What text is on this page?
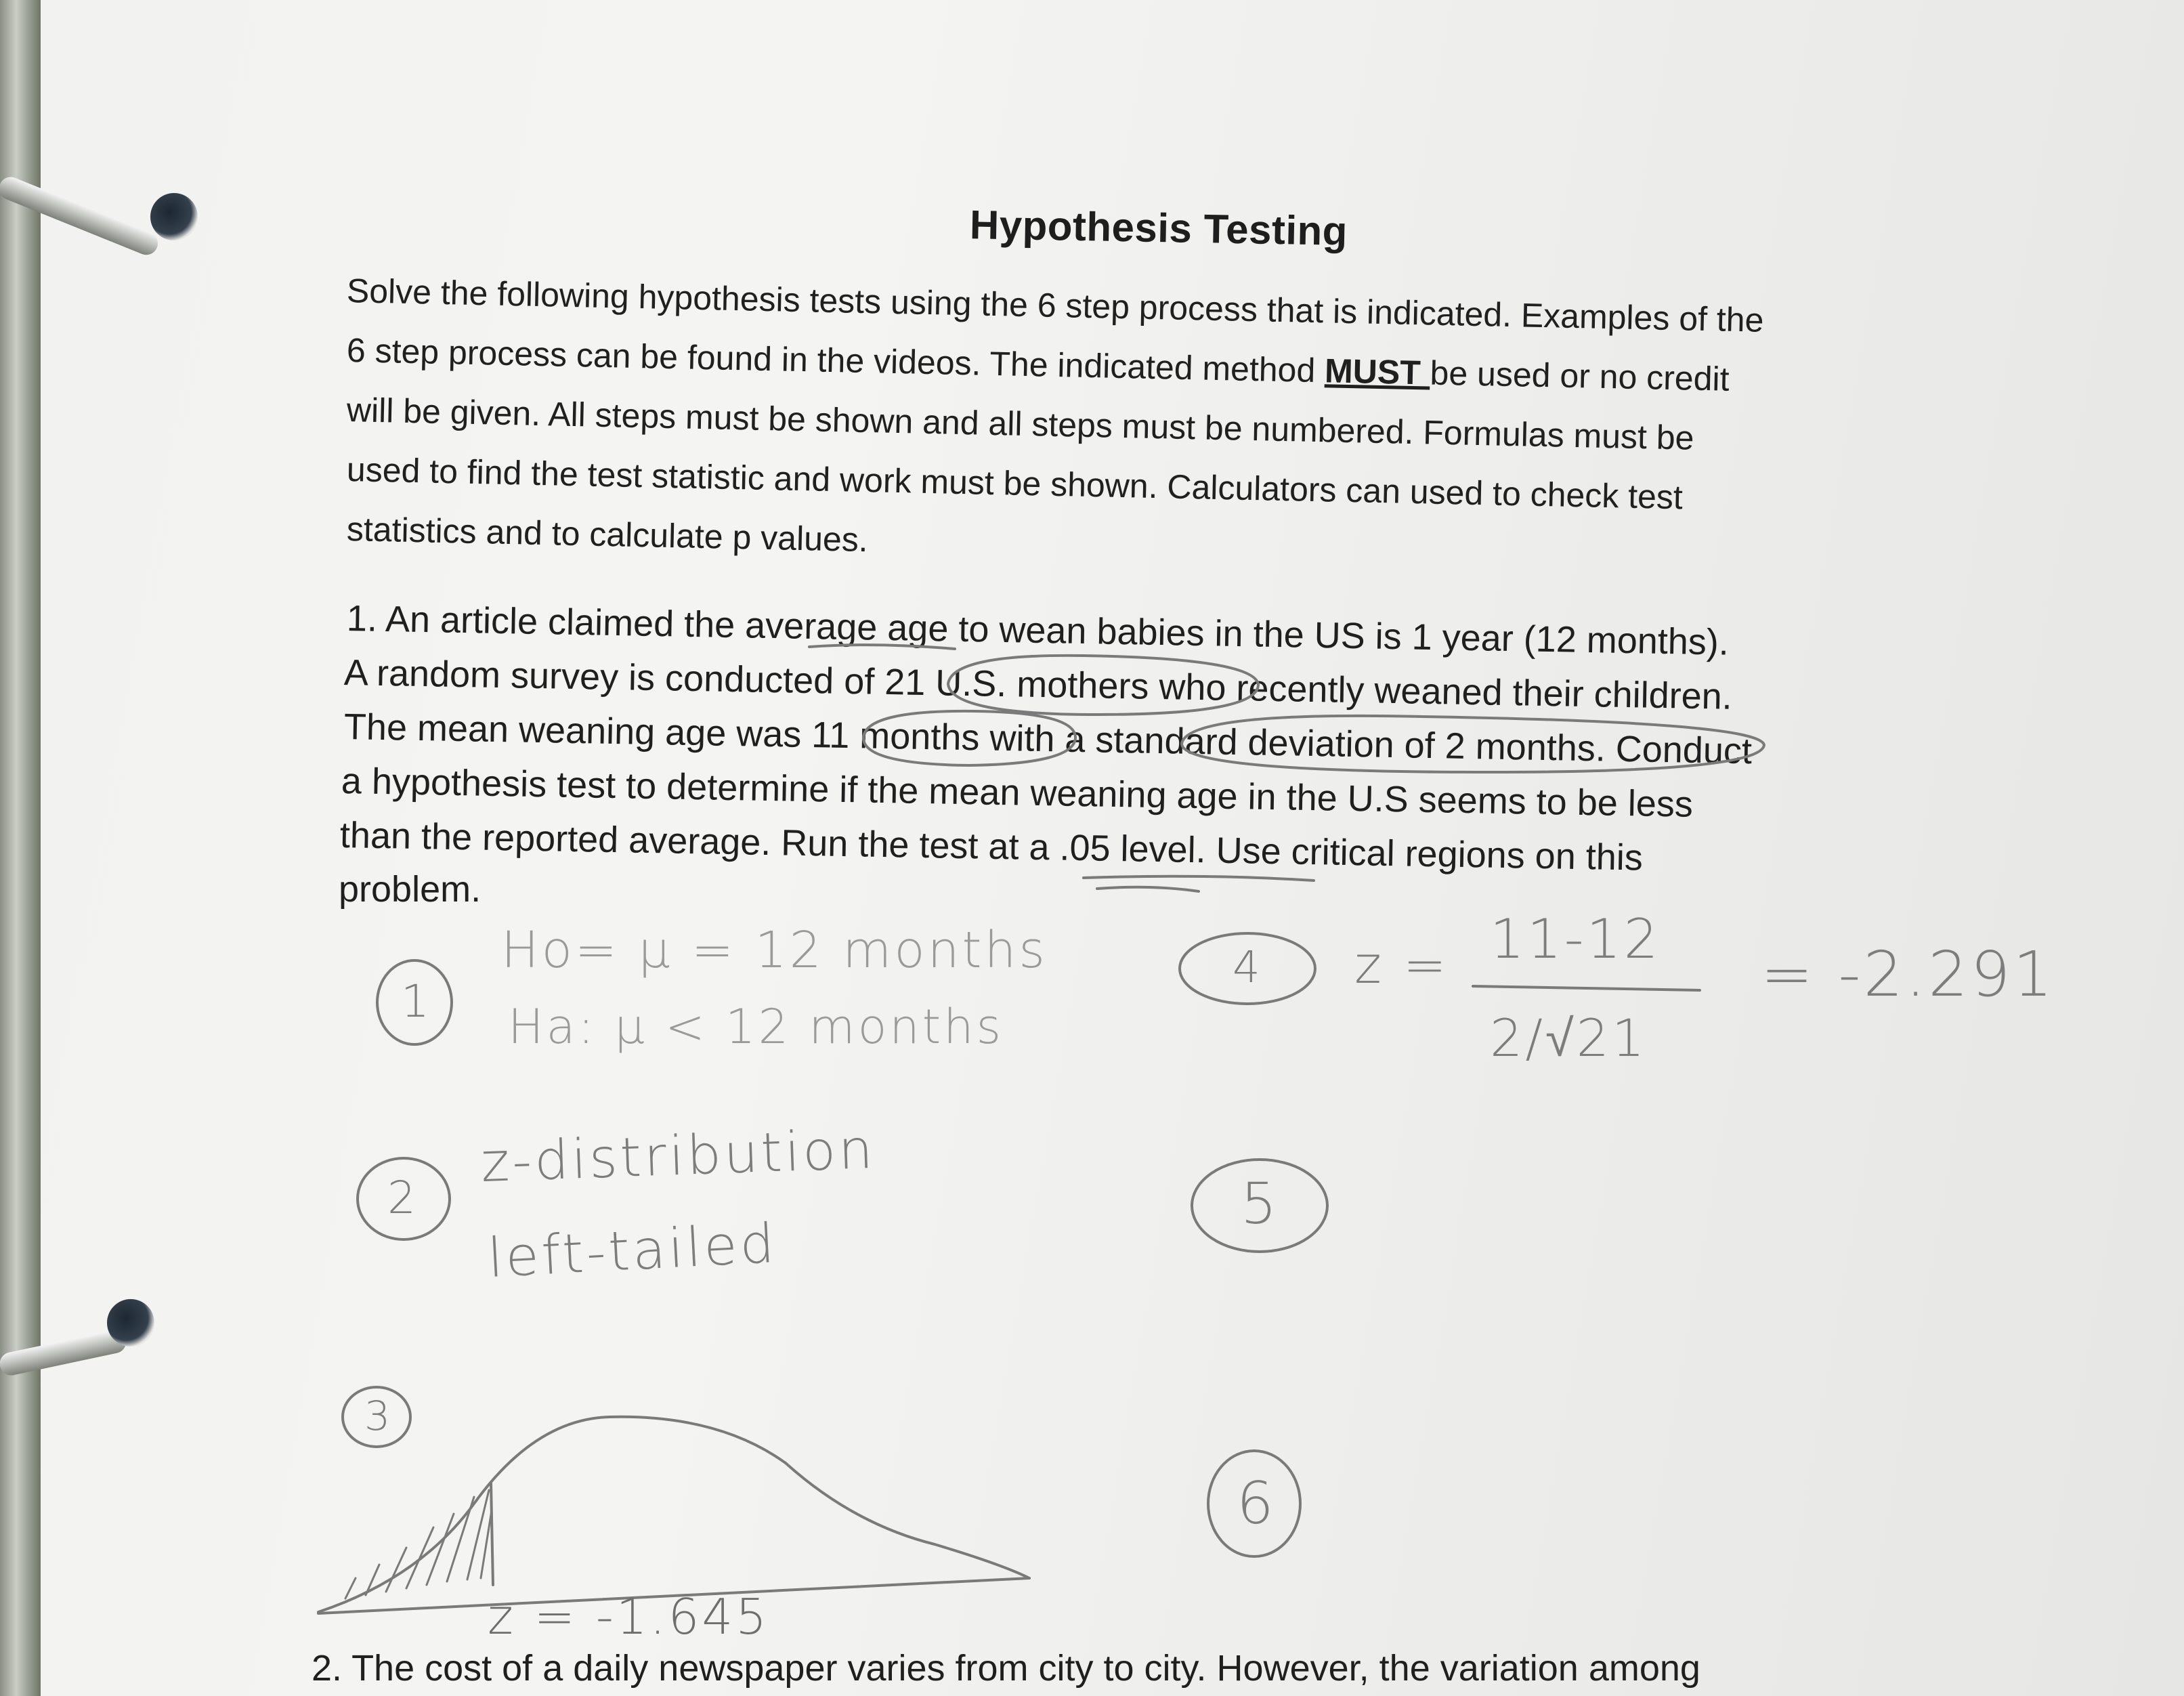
Hypothesis Testing
Solve the following hypothesis tests using the 6 step process that is indicated. Examples of the
6 step process can be found in the videos. The indicated method MUST be used or no credit
will be given. All steps must be shown and all steps must be numbered. Formulas must be
used to find the test statistic and work must be shown. Calculators can used to check test
statistics and to calculate p values.
1. An article claimed the average age to wean babies in the US is 1 year (12 months).
A random survey is conducted of 21 U.S. mothers who recently weaned their children.
The mean weaning age was 11 months with a standard deviation of 2 months. Conduct
a hypothesis test to determine if the mean weaning age in the U.S seems to be less
than the reported average. Run the test at a .05 level. Use critical regions on this
problem.
1
Ho= μ = 12 months
Ha: μ < 12 months
2
z-distribution
left-tailed
3
z = -1.645
4 z = 11-12
2/√21
= -2.291
5
6
2. The cost of a daily newspaper varies from city to city. However, the variation among
